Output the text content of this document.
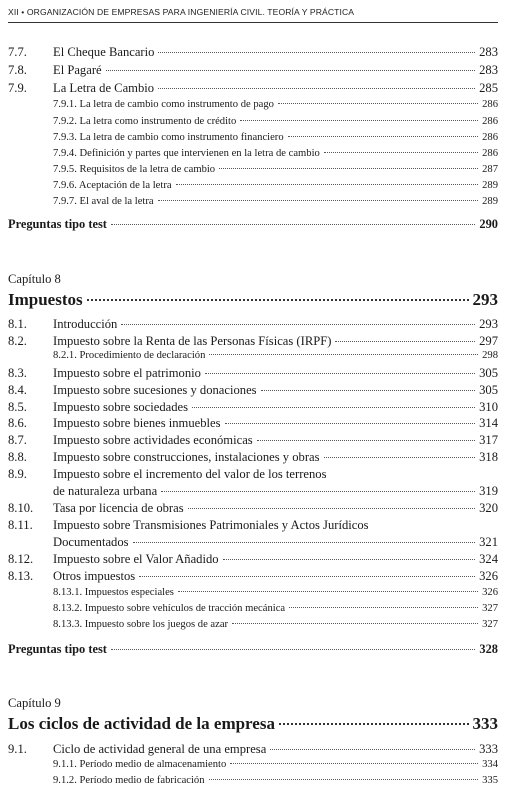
XII • ORGANIZACIÓN DE EMPRESAS PARA INGENIERÍA CIVIL. TEORÍA Y PRÁCTICA
7.7.	El Cheque Bancario	283
7.8.	El Pagaré	283
7.9.	La Letra de Cambio	285
7.9.1. La letra de cambio como instrumento de pago	286
7.9.2. La letra como instrumento de crédito	286
7.9.3. La letra de cambio como instrumento financiero	286
7.9.4. Definición y partes que intervienen en la letra de cambio	286
7.9.5. Requisitos de la letra de cambio	287
7.9.6. Aceptación de la letra	289
7.9.7. El aval de la letra	289
Preguntas tipo test	290
Capítulo 8
Impuestos	293
8.1.	Introducción	293
8.2.	Impuesto sobre la Renta de las Personas Físicas (IRPF)	297
8.2.1. Procedimiento de declaración	298
8.3.	Impuesto sobre el patrimonio	305
8.4.	Impuesto sobre sucesiones y donaciones	305
8.5.	Impuesto sobre sociedades	310
8.6.	Impuesto sobre bienes inmuebles	314
8.7.	Impuesto sobre actividades económicas	317
8.8.	Impuesto sobre construcciones, instalaciones y obras	318
8.9.	Impuesto sobre el incremento del valor de los terrenos
de naturaleza urbana	319
8.10.	Tasa por licencia de obras	320
8.11.	Impuesto sobre Transmisiones Patrimoniales y Actos Jurídicos
Documentados	321
8.12.	Impuesto sobre el Valor Añadido	324
8.13.	Otros impuestos	326
8.13.1. Impuestos especiales	326
8.13.2. Impuesto sobre vehículos de tracción mecánica	327
8.13.3. Impuesto sobre los juegos de azar	327
Preguntas tipo test	328
Capítulo 9
Los ciclos de actividad de la empresa	333
9.1.	Ciclo de actividad general de una empresa	333
9.1.1. Período medio de almacenamiento	334
9.1.2. Período medio de fabricación	335
